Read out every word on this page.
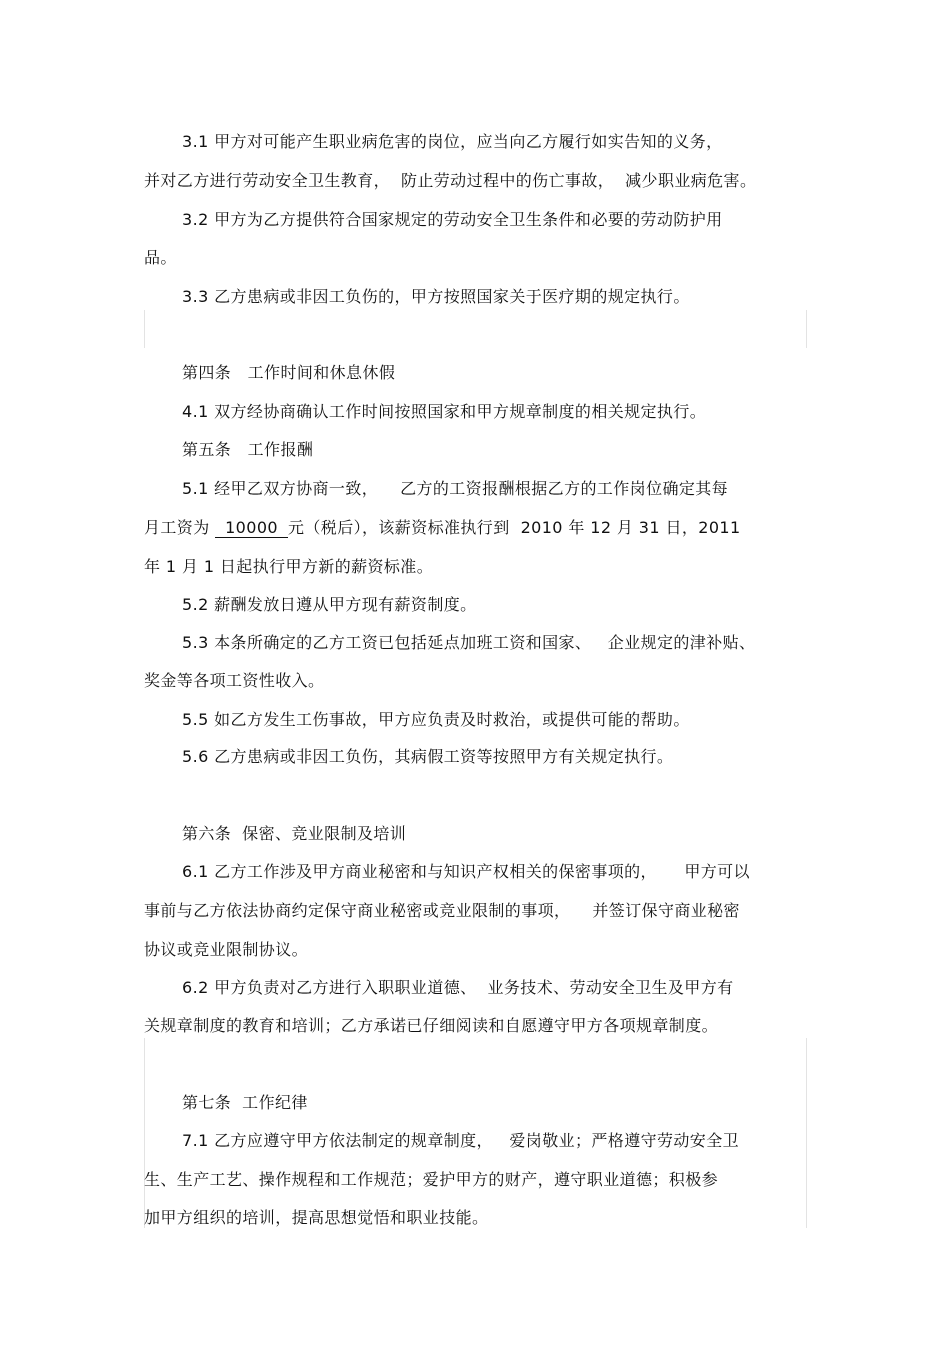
3.1 甲方对可能产生职业病危害的岗位，应当向乙方履行如实告知的义务，
并对乙方进行劳动安全卫生教育，  防止劳动过程中的伤亡事故，  减少职业病危害。
3.2 甲方为乙方提供符合国家规定的劳动安全卫生条件和必要的劳动防护用
品。
3.3 乙方患病或非因工负伤的，甲方按照国家关于医疗期的规定执行。
第四条   工作时间和休息休假
4.1 双方经协商确认工作时间按照国家和甲方规章制度的相关规定执行。
第五条   工作报酬
5.1 经甲乙双方协商一致，    乙方的工资报酬根据乙方的工作岗位确定其每
月工资为 10000 元（税后），该薪资标准执行到  2010 年 12 月 31 日，2011
年 1 月 1 日起执行甲方新的薪资标准。
5.2 薪酬发放日遵从甲方现有薪资制度。
5.3 本条所确定的乙方工资已包括延点加班工资和国家、   企业规定的津补贴、
奖金等各项工资性收入。
5.5 如乙方发生工伤事故，甲方应负责及时救治，或提供可能的帮助。
5.6 乙方患病或非因工负伤，其病假工资等按照甲方有关规定执行。
第六条  保密、竞业限制及培训
6.1 乙方工作涉及甲方商业秘密和与知识产权相关的保密事项的，     甲方可以
事前与乙方依法协商约定保守商业秘密或竞业限制的事项，    并签订保守商业秘密
协议或竞业限制协议。
6.2 甲方负责对乙方进行入职职业道德、  业务技术、劳动安全卫生及甲方有
关规章制度的教育和培训；乙方承诺已仔细阅读和自愿遵守甲方各项规章制度。
第七条  工作纪律
7.1 乙方应遵守甲方依法制定的规章制度，   爱岗敬业；严格遵守劳动安全卫
生、生产工艺、操作规程和工作规范；爱护甲方的财产，遵守职业道德；积极参
加甲方组织的培训，提高思想觉悟和职业技能。
